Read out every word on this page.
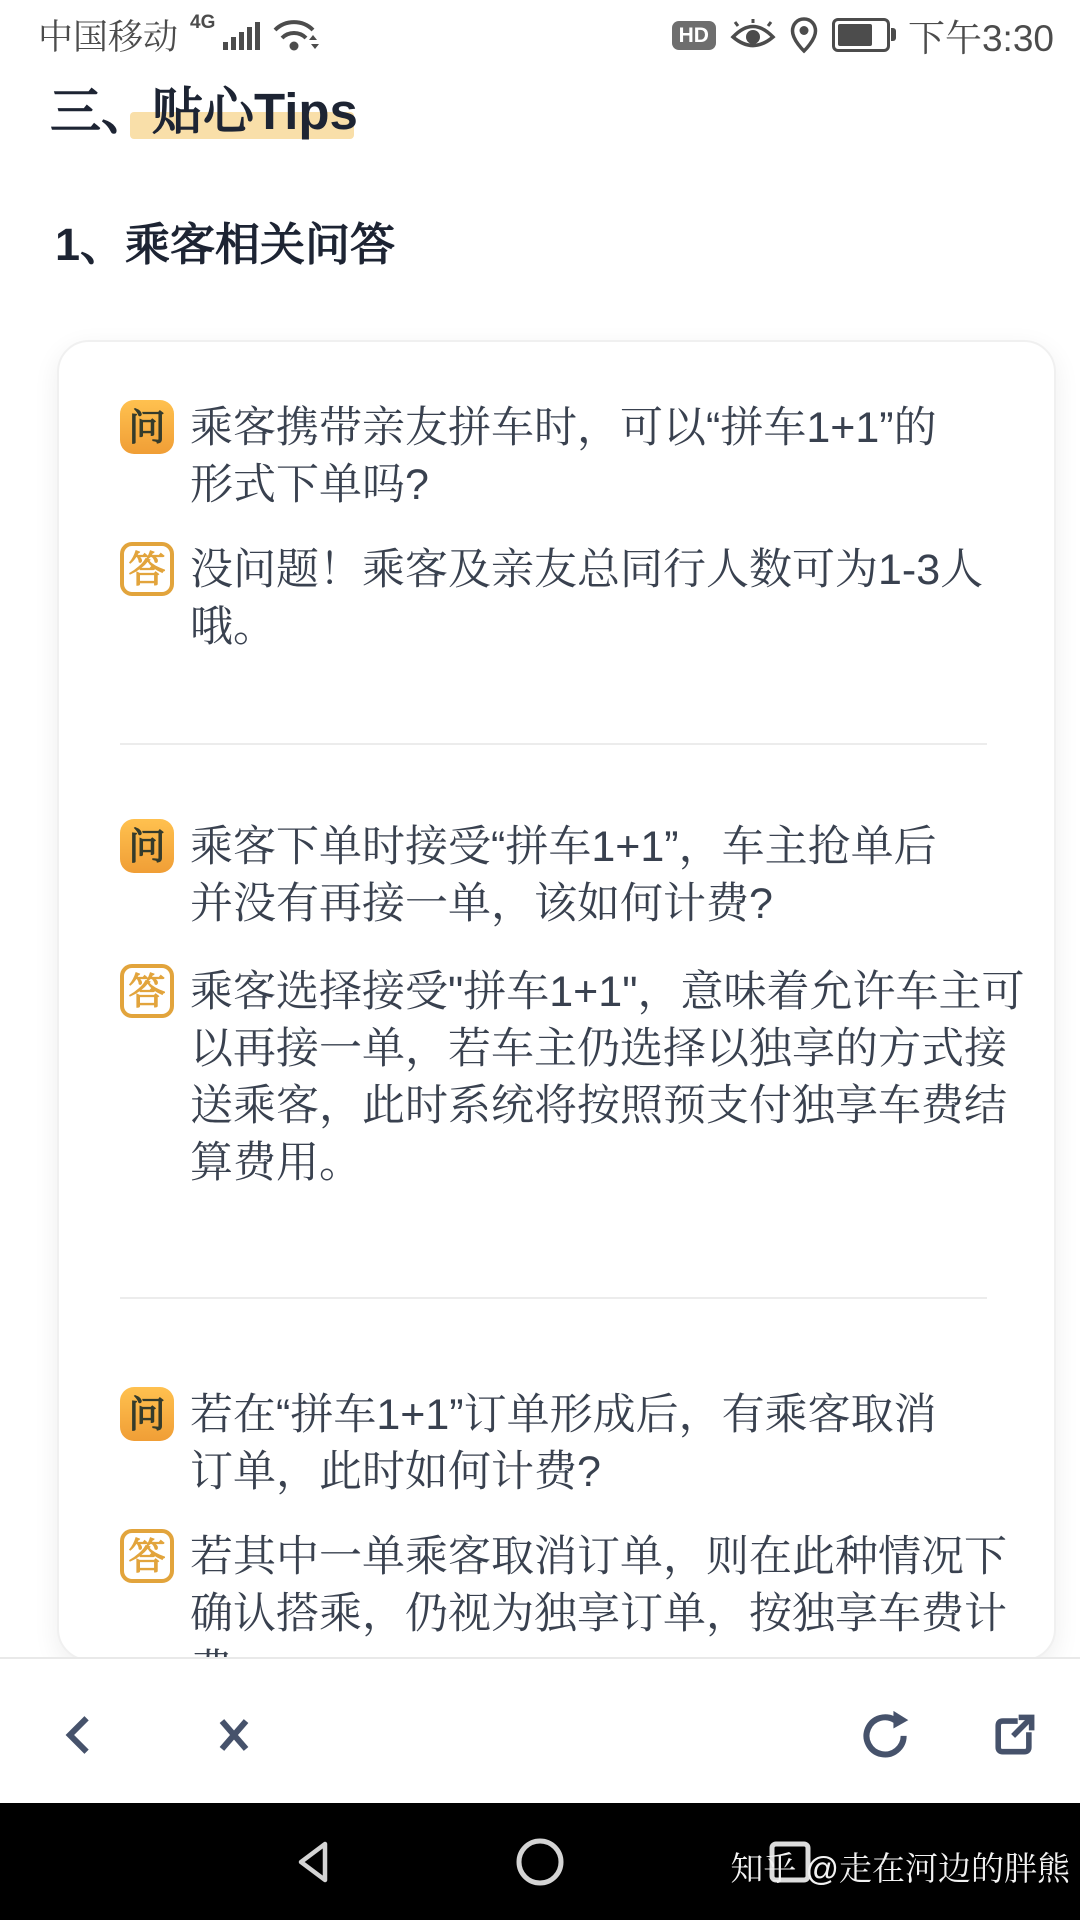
中国移动 4G
HD	下午3:30
三、贴心Tips
1、乘客相关问答
问 乘客携带亲友拼车时，可以“拼车1+1”的
形式下单吗?
答 没问题！乘客及亲友总同行人数可为1-3人
哦。
问 乘客下单时接受“拼车1+1”，车主抢单后
并没有再接一单，该如何计费?
答 乘客选择接受"拼车1+1"，意味着允许车主可
以再接一单，若车主仍选择以独享的方式接
送乘客，此时系统将按照预支付独享车费结
算费用。
问 若在“拼车1+1”订单形成后，有乘客取消
订单，此时如何计费?
答 若其中一单乘客取消订单，则在此种情况下
确认搭乘，仍视为独享订单，按独享车费计
知乎 @走在河边的胖熊
